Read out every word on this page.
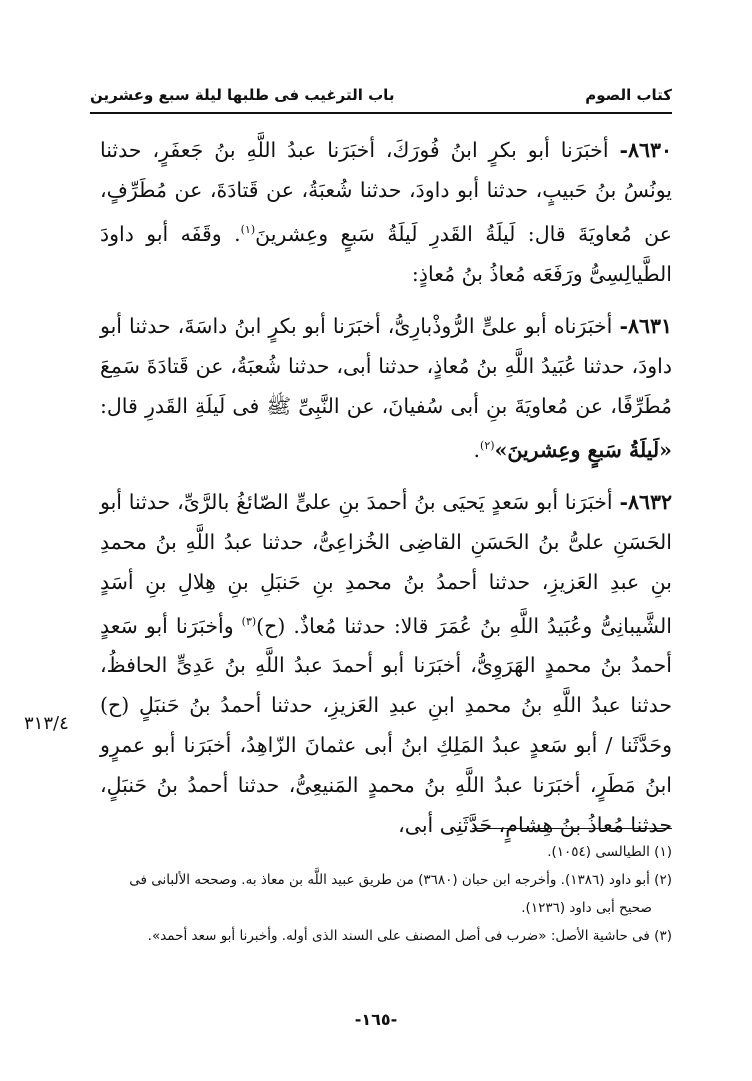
كتاب الصوم
باب الترغيب فى طلبها ليلة سبع وعشرين

٨٦٣٠- أخبَرَنا أبو بكرٍ ابنُ فُورَكَ، أخبَرَنا عبدُ اللَّهِ بنُ جَعفَرٍ، حدثنا يونُسُ بنُ حَبيبٍ، حدثنا أبو داودَ، حدثنا شُعبَةُ، عن قَتادَةَ، عن مُطَرِّفٍ، عن مُعاويَةَ قال: لَيلَةُ القَدرِ لَيلَةُ سَبعٍ وعِشرينَ$^{(١)}$. وقَفَه أبو داودَ الطَّيالِسِىُّ ورَفَعَه مُعاذُ بنُ مُعاذٍ:

٨٦٣١- أخبَرَناه أبو علىٍّ الرُّوذْبارِىُّ، أخبَرَنا أبو بكرٍ ابنُ داسَةَ، حدثنا أبو داودَ، حدثنا عُبَيدُ اللَّهِ بنُ مُعاذٍ، حدثنا أبى، حدثنا شُعبَةُ، عن قَتادَةَ سَمِعَ مُطَرِّفًا، عن مُعاويَةَ بنِ أبى سُفيانَ، عن النَّبِىِّ ﷺ فى لَيلَةِ القَدرِ قال: «لَيلَةُ سَبعٍ وعِشرينَ»$^{(٢)}$.

٨٦٣٢- أخبَرَنا أبو سَعدٍ يَحيَى بنُ أحمدَ بنِ علىٍّ الصّائغُ بالرَّىِّ، حدثنا أبو الحَسَنِ علىُّ بنُ الحَسَنِ القاضِى الخُزاعِىُّ، حدثنا عبدُ اللَّهِ بنُ محمدِ بنِ عبدِ العَزيزِ، حدثنا أحمدُ بنُ محمدِ بنِ حَنبَلِ بنِ هِلالِ بنِ أسَدٍ الشَّيبانِىُّ وعُبَيدُ اللَّهِ بنُ عُمَرَ قالا: حدثنا مُعاذٌ. (ح)$^{(٣)}$ وأخبَرَنا أبو سَعدٍ أحمدُ بنُ محمدٍ الهَرَوِىُّ، أخبَرَنا أبو أحمدَ عبدُ اللَّهِ بنُ عَدِىٍّ الحافظُ، حدثنا عبدُ اللَّهِ بنُ محمدِ ابنِ عبدِ العَزيزِ، حدثنا أحمدُ بنُ حَنبَلٍ (ح) وحَدَّثَنا / أبو سَعدٍ عبدُ المَلِكِ ابنُ أبى عثمانَ الزّاهِدُ، أخبَرَنا أبو عمرٍو ابنُ مَطَرٍ، أخبَرَنا عبدُ اللَّهِ بنُ محمدٍ المَنيعِىُّ، حدثنا أحمدُ بنُ حَنبَلٍ، حدثنا مُعاذُ بنُ هِشامٍ، حَدَّثَنِى أبى،

٣١٣/٤
(١) الطيالسى (١٠٥٤).
(٢) أبو داود (١٣٨٦). وأخرجه ابن حبان (٣٦٨٠) من طريق عبيد اللَّه بن معاذ به. وصححه الألبانى فى
صحيح أبى داود (١٢٣٦).
(٣) فى حاشية الأصل: «ضرب فى أصل المصنف على السند الذى أوله. وأخبرنا أبو سعد أحمد».
-١٦٥-
